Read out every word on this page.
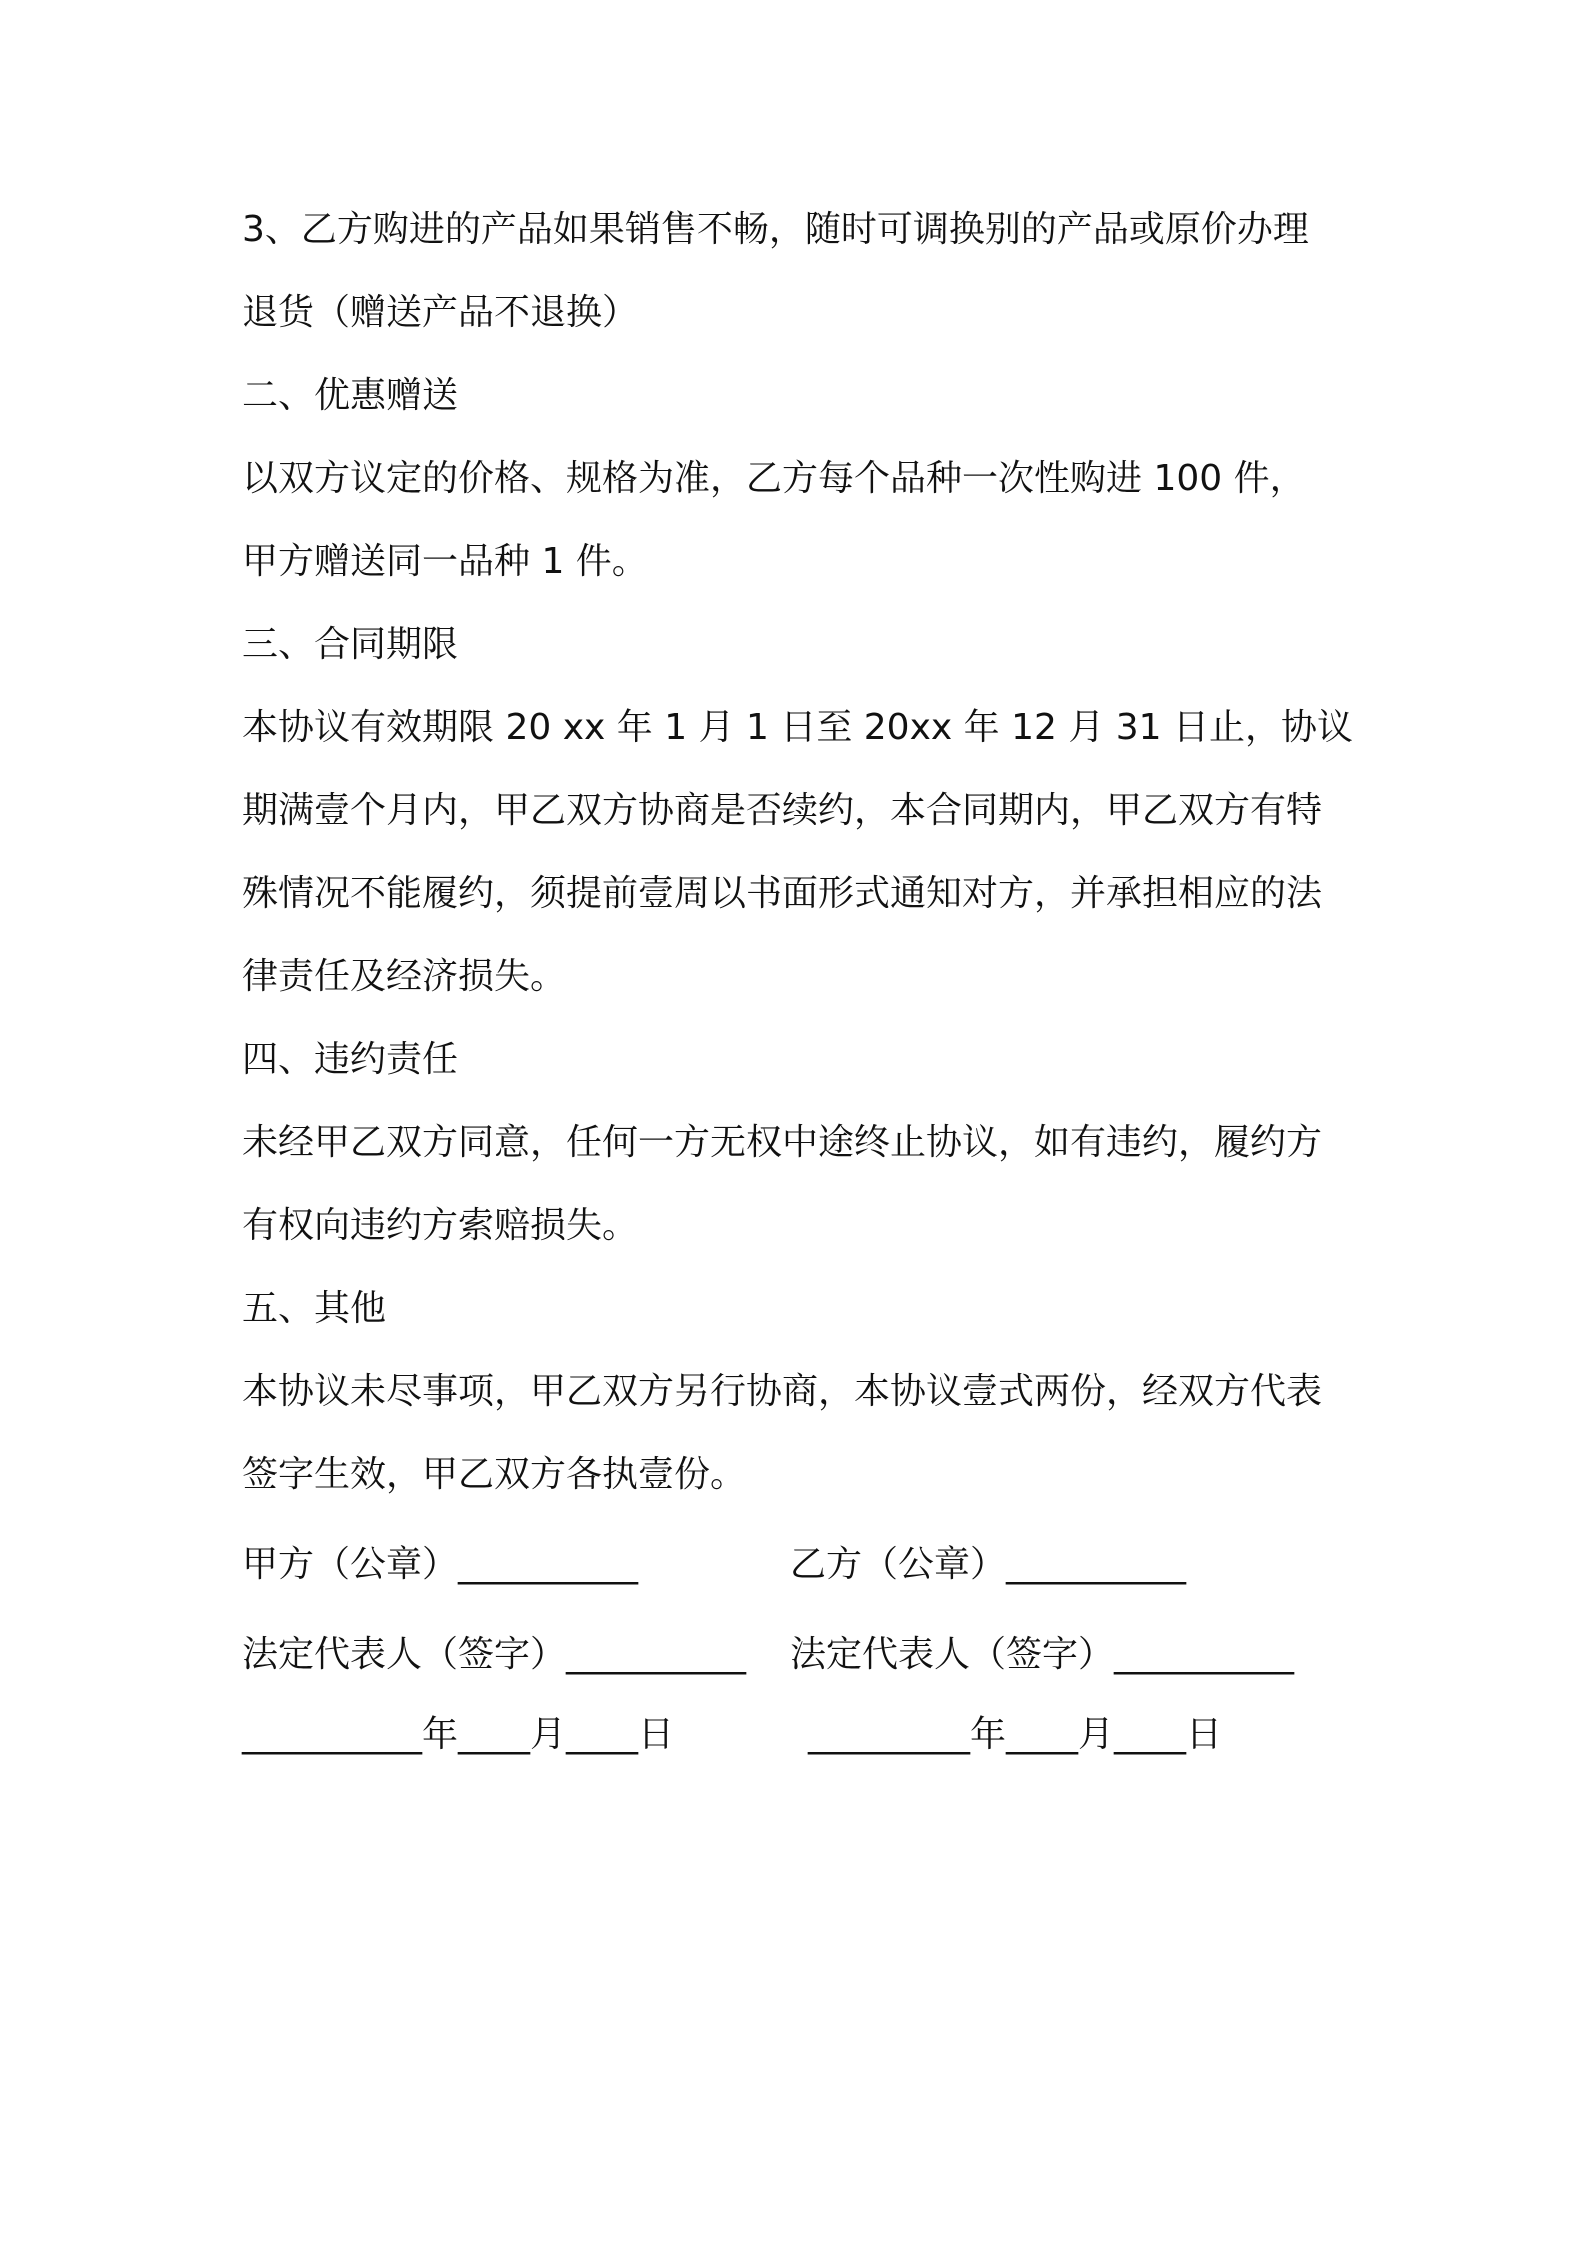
3、乙方购进的产品如果销售不畅，随时可调换别的产品或原价办理
退货（赠送产品不退换）
二、优惠赠送
以双方议定的价格、规格为准，乙方每个品种一次性购进 100 件，
甲方赠送同一品种 1 件。
三、合同期限
本协议有效期限 20 xx 年 1 月 1 日至 20xx 年 12 月 31 日止，协议
期满壹个月内，甲乙双方协商是否续约，本合同期内，甲乙双方有特
殊情况不能履约，须提前壹周以书面形式通知对方，并承担相应的法
律责任及经济损失。
四、违约责任
未经甲乙双方同意，任何一方无权中途终止协议，如有违约，履约方
有权向违约方索赔损失。
五、其他
本协议未尽事项，甲乙双方另行协商，本协议壹式两份，经双方代表
签字生效，甲乙双方各执壹份。
甲方（公章）__________	乙方（公章）__________
法定代表人（签字）__________ 法定代表人（签字）__________
__________年____月____日	_________年____月____日
